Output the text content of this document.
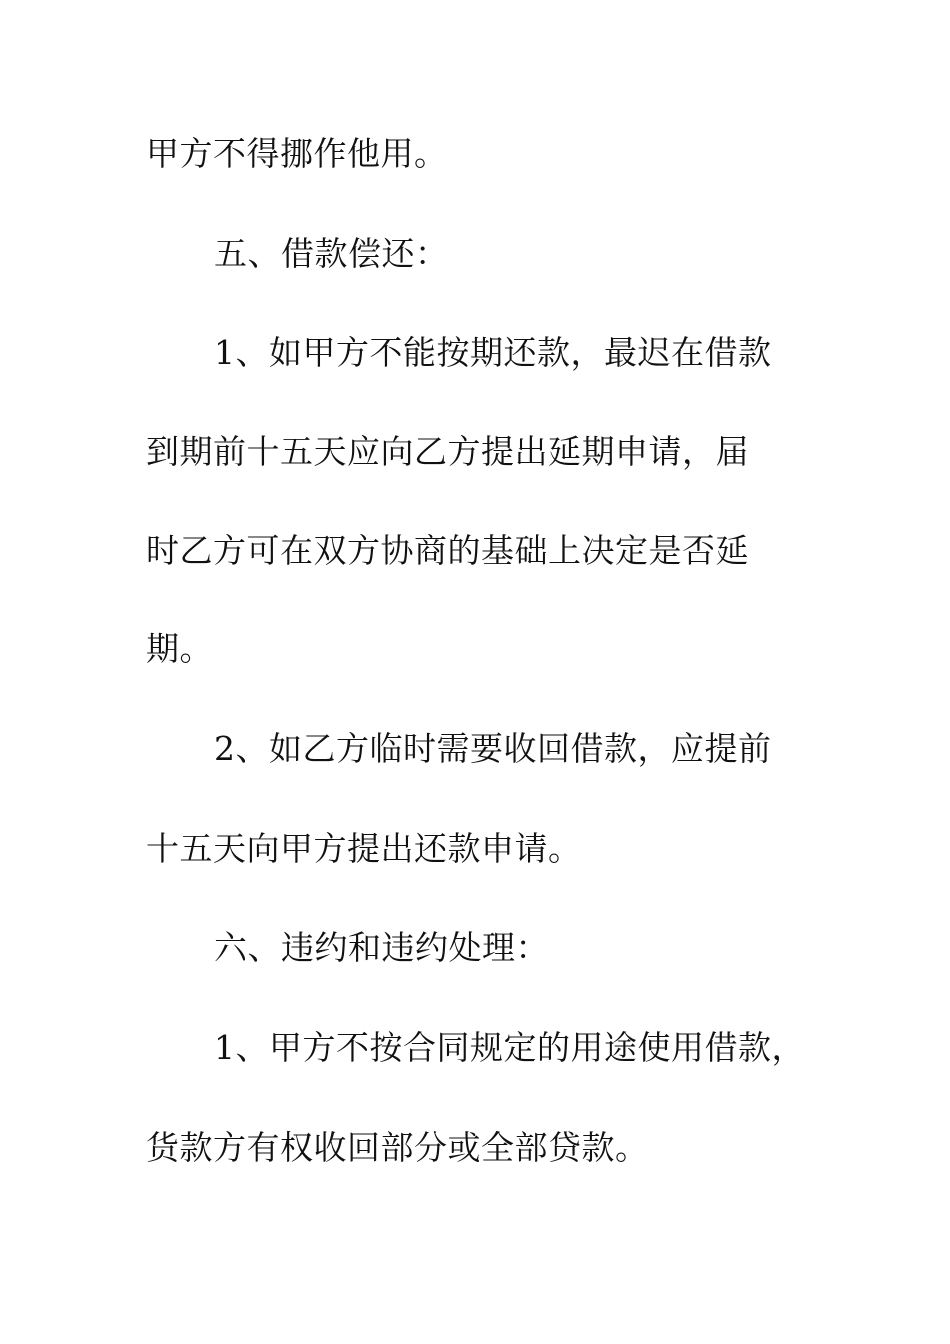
甲方不得挪作他用。
五、借款偿还：
1、如甲方不能按期还款，最迟在借款
到期前十五天应向乙方提出延期申请，届
时乙方可在双方协商的基础上决定是否延
期。
2、如乙方临时需要收回借款，应提前
十五天向甲方提出还款申请。
六、违约和违约处理：
1、甲方不按合同规定的用途使用借款，
货款方有权收回部分或全部贷款。
